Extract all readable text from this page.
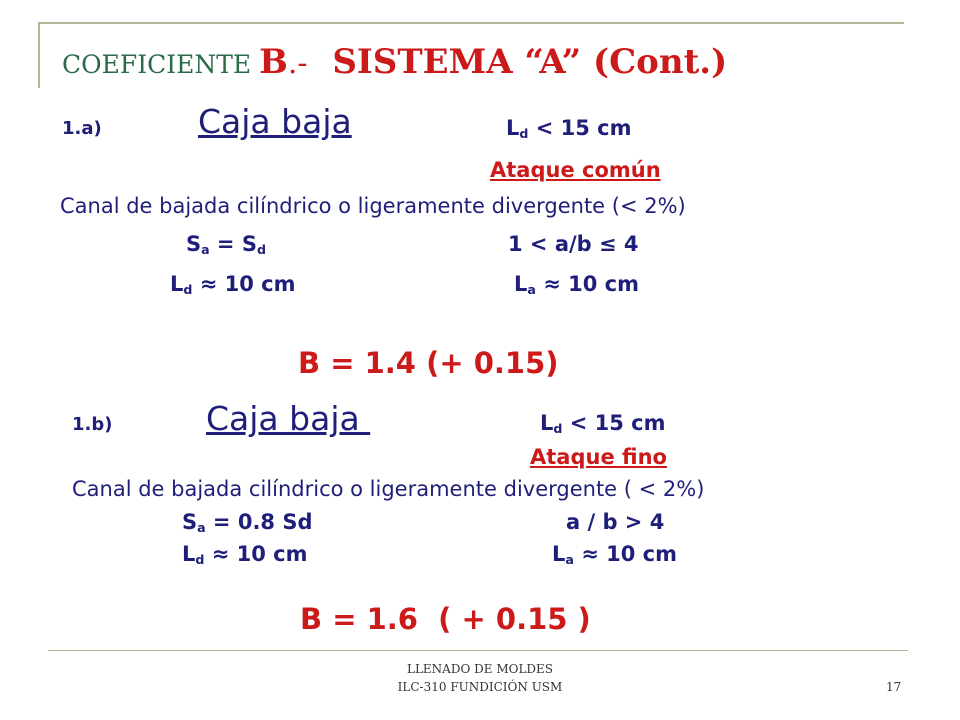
COEFICIENTE B.-    SISTEMA “A” (Cont.)
1.a)	Caja baja	$L_d < 15$ cm
Ataque común
Canal de bajada cilíndrico o ligeramente divergente (< 2%)
$S_a = S_d$	1 < a/b ≤ 4
$L_d \approx 10$ cm	$L_a \approx 10$ cm
B = 1.4 (+ 0.15)
1.b)	Caja baja	$L_d < 15$ cm
Ataque fino
Canal de bajada cilíndrico o ligeramente divergente ( < 2%)
$S_a = 0.8$ Sd	a / b > 4
$L_d \approx 10$ cm	$L_a \approx 10$ cm
B = 1.6  ( + 0.15 )
LLENADO DE MOLDES
ILC-310 FUNDICIÓN USM	17
